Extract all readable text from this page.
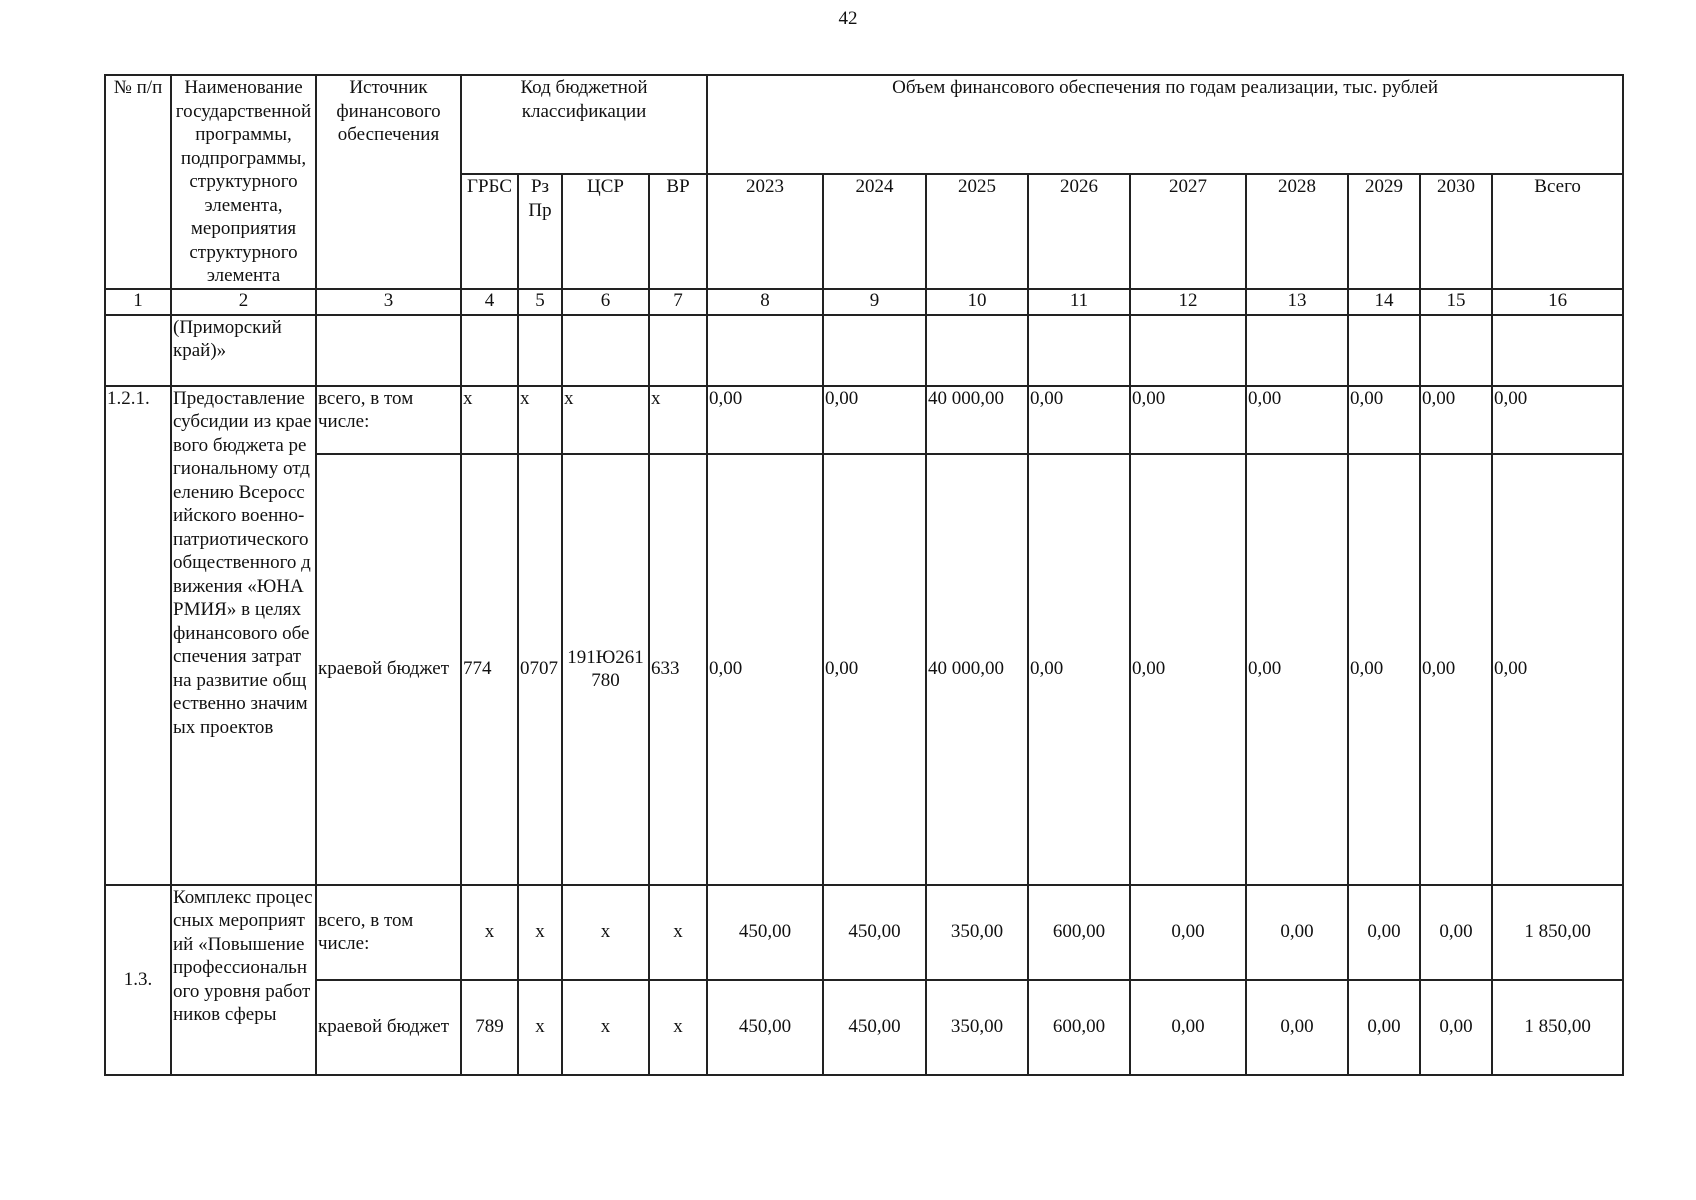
42
№ п/п	Наименование государственной программы, подпрограммы, структурного элемента, мероприятия структурного элемента	Источник финансового обеспечения	Код бюджетной классификации				Объем финансового обеспечения по годам реализации, тыс. рублей								
			ГРБС	Рз Пр	ЦСР	ВР	2023	2024	2025	2026	2027	2028	2029	2030	Всего
1	2	3	4	5	6	7	8	9	10	11	12	13	14	15	16
	(Приморский край)»														
1.2.1.	Предоставление субсидии из краевого бюджета региональному отделению Всероссийского военно-патриотического общественного движения «ЮНАРМИЯ» в целях финансового обеспечения затрат на развитие общественно значимых проектов	всего, в том числе:	х	х	х	х	0,00	0,00	40 000,00	0,00	0,00	0,00	0,00	0,00	0,00
		краевой бюджет	774	0707	191Ю261780	633	0,00	0,00	40 000,00	0,00	0,00	0,00	0,00	0,00	0,00
1.3.	Комплекс процессных мероприятий «Повышение профессионального уровня работников сферы	всего, в том числе:	х	х	х	х	450,00	450,00	350,00	600,00	0,00	0,00	0,00	0,00	1 850,00
		краевой бюджет	789	х	х	х	450,00	450,00	350,00	600,00	0,00	0,00	0,00	0,00	1 850,00
